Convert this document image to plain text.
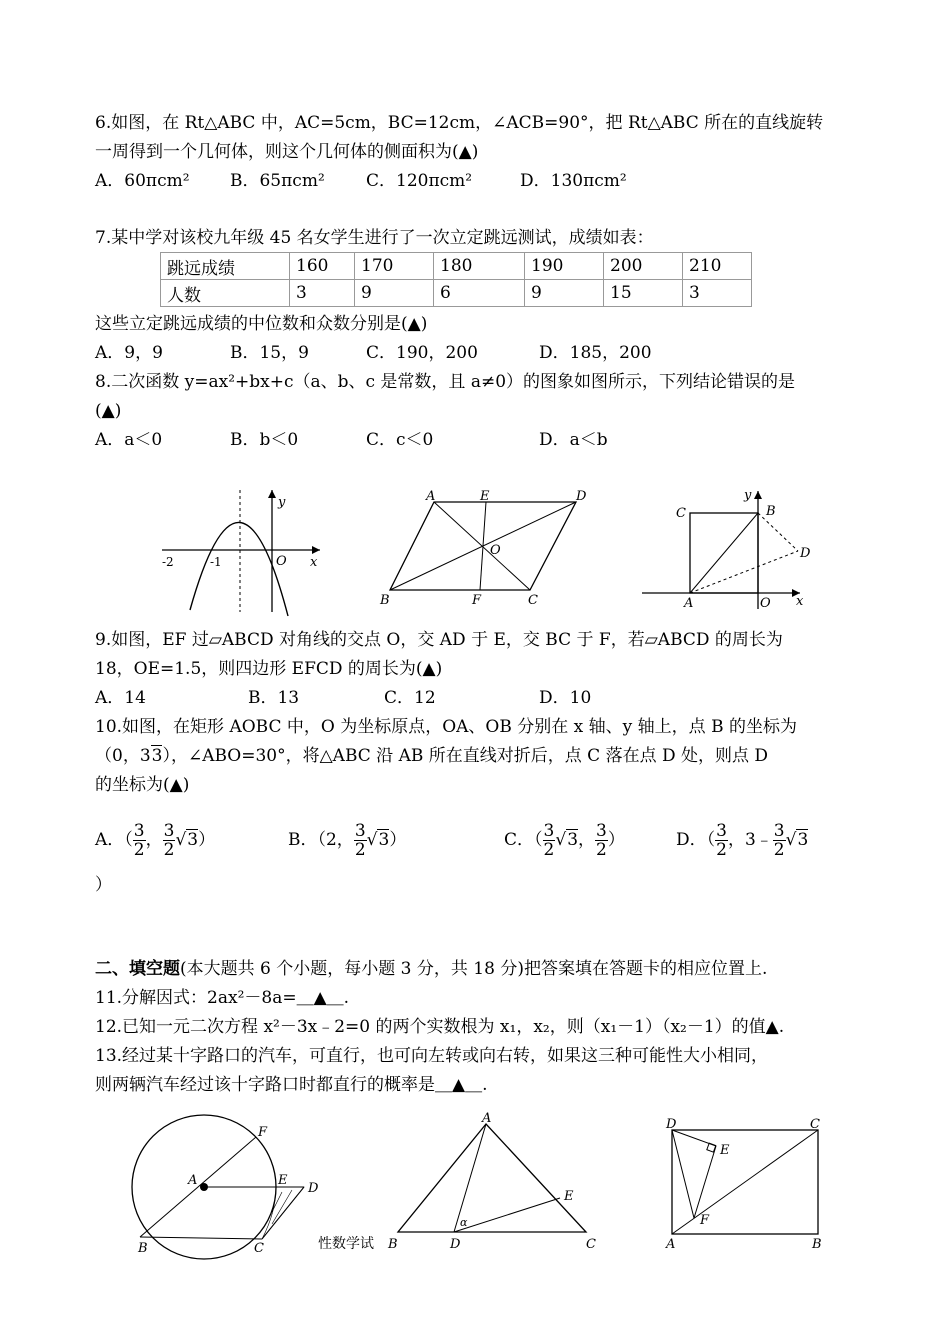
6.如图，在 Rt△ABC 中，AC=5cm，BC=12cm，∠ACB=90°，把 Rt△ABC 所在的直线旋转
一周得到一个几何体，则这个几何体的侧面积为(▲)
A．60πcm² B．65πcm² C．120πcm²	D．130πcm²
7.某中学对该校九年级 45 名女学生进行了一次立定跳远测试，成绩如表：
跳远成绩	160	170	180	190	200	210
人数	3	9	6	9	15	3
这些立定跳远成绩的中位数和众数分别是(▲)
A．9，9	B．15，9	C．190，200	D．185，200
8.二次函数 y=ax²+bx+c（a、b、c 是常数，且 a≠0）的图象如图所示，下列结论错误的是
(▲)
A．a＜0	B．b＜0	C．c＜0	D．a＜b
y
x
O
-2	-1
A	E	D
O
B	F	C
C	B
y
D
A	O x
9.如图，EF 过▱ABCD 对角线的交点 O，交 AD 于 E，交 BC 于 F，若▱ABCD 的周长为
18，OE=1.5，则四边形 EFCD 的周长为(▲)
A．14	B．13	C．12	D．10
10.如图，在矩形 AOBC 中，O 为坐标原点，OA、OB 分别在 x 轴、y 轴上，点 B 的坐标为
（0，33），∠ABO=30°，将△ABC 沿 AB 所在直线对折后，点 C 落在点 D 处，则点 D
的坐标为(▲)
A．（ $\frac{3}{2}$ ， $\frac{3}{2} √3$）	B．（2， $\frac{3}{2} √3$）	C．（ $\frac{3}{2} √3$， $\frac{3}{2}$ ）	D．（ $\frac{3}{2}$ ，3﹣ $\frac{3}{2} √3$
）
二、填空题(本大题共 6 个小题，每小题 3 分，共 18 分)把答案填在答题卡的相应位置上.
11.分解因式：2ax²－8a=＿▲＿.
12.已知一元二次方程 x²－3x﹣2=0 的两个实数根为 x₁，x₂，则（x₁－1）（x₂－1）的值▲.
13.经过某十字路口的汽车，可直行，也可向左转或向右转，如果这三种可能性大小相同，
则两辆汽车经过该十字路口时都直行的概率是＿▲＿.
F
A	E
D
B	C
A
E
α
性数学试 B	D	C
D	C
E
F
A	B
